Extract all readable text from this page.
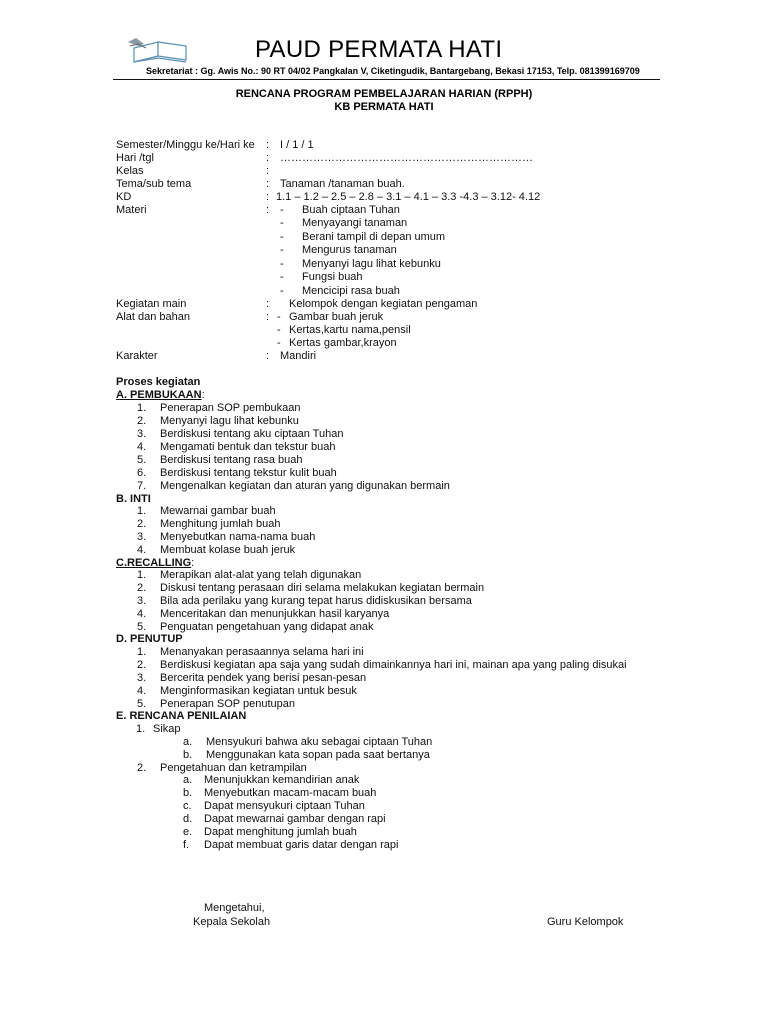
PAUD PERMATA HATI
Sekretariat : Gg. Awis No.: 90 RT 04/02 Pangkalan V, Ciketingudik, Bantargebang, Bekasi 17153, Telp. 081399169709
RENCANA PROGRAM PEMBELAJARAN HARIAN (RPPH)
KB PERMATA HATI
Semester/Minggu ke/Hari ke : I / 1 / 1
Hari /tgl	: ……………………………………………………………
Kelas	:
Tema/sub tema	: Tanaman /tanaman buah.
KD	: 1.1 – 1.2 – 2.5 – 2.8 – 3.1 – 4.1 – 3.3 -4.3 – 3.12- 4.12
Materi	: - Buah ciptaan Tuhan
- Menyayangi tanaman
- Berani tampil di depan umum
- Mengurus tanaman
- Menyanyi lagu lihat kebunku
- Fungsi buah
- Mencicipi rasa buah
Kegiatan main	: Kelompok dengan kegiatan pengaman
Alat dan bahan	: - Gambar buah jeruk
- Kertas,kartu nama,pensil
- Kertas gambar,krayon
Karakter	: Mandiri
Proses kegiatan
A. PEMBUKAAN:
1. Penerapan SOP pembukaan
2. Menyanyi lagu lihat kebunku
3. Berdiskusi tentang aku ciptaan Tuhan
4. Mengamati bentuk dan tekstur buah
5. Berdiskusi tentang rasa buah
6. Berdiskusi tentang tekstur kulit buah
7. Mengenalkan kegiatan dan aturan yang digunakan bermain
B. INTI
1. Mewarnai gambar buah
2. Menghitung jumlah buah
3. Menyebutkan nama-nama buah
4. Membuat kolase buah jeruk
C.RECALLING:
1. Merapikan alat-alat yang telah digunakan
2. Diskusi tentang perasaan diri selama melakukan kegiatan bermain
3. Bila ada perilaku yang kurang tepat harus didiskusikan bersama
4. Menceritakan dan menunjukkan hasil karyanya
5. Penguatan pengetahuan yang didapat anak
D. PENUTUP
1. Menanyakan perasaannya selama hari ini
2. Berdiskusi kegiatan apa saja yang sudah dimainkannya hari ini, mainan apa yang paling disukai
3. Bercerita pendek yang berisi pesan-pesan
4. Menginformasikan kegiatan untuk besuk
5. Penerapan SOP penutupan
E. RENCANA PENILAIAN
1. Sikap
a. Mensyukuri bahwa aku sebagai ciptaan Tuhan
b. Menggunakan kata sopan pada saat bertanya
2. Pengetahuan dan ketrampilan
a. Menunjukkan kemandirian anak
b. Menyebutkan macam-macam buah
c. Dapat mensyukuri ciptaan Tuhan
d. Dapat mewarnai gambar dengan rapi
e. Dapat menghitung jumlah buah
f. Dapat membuat garis datar dengan rapi
Mengetahui,
Kepala Sekolah	Guru Kelompok
